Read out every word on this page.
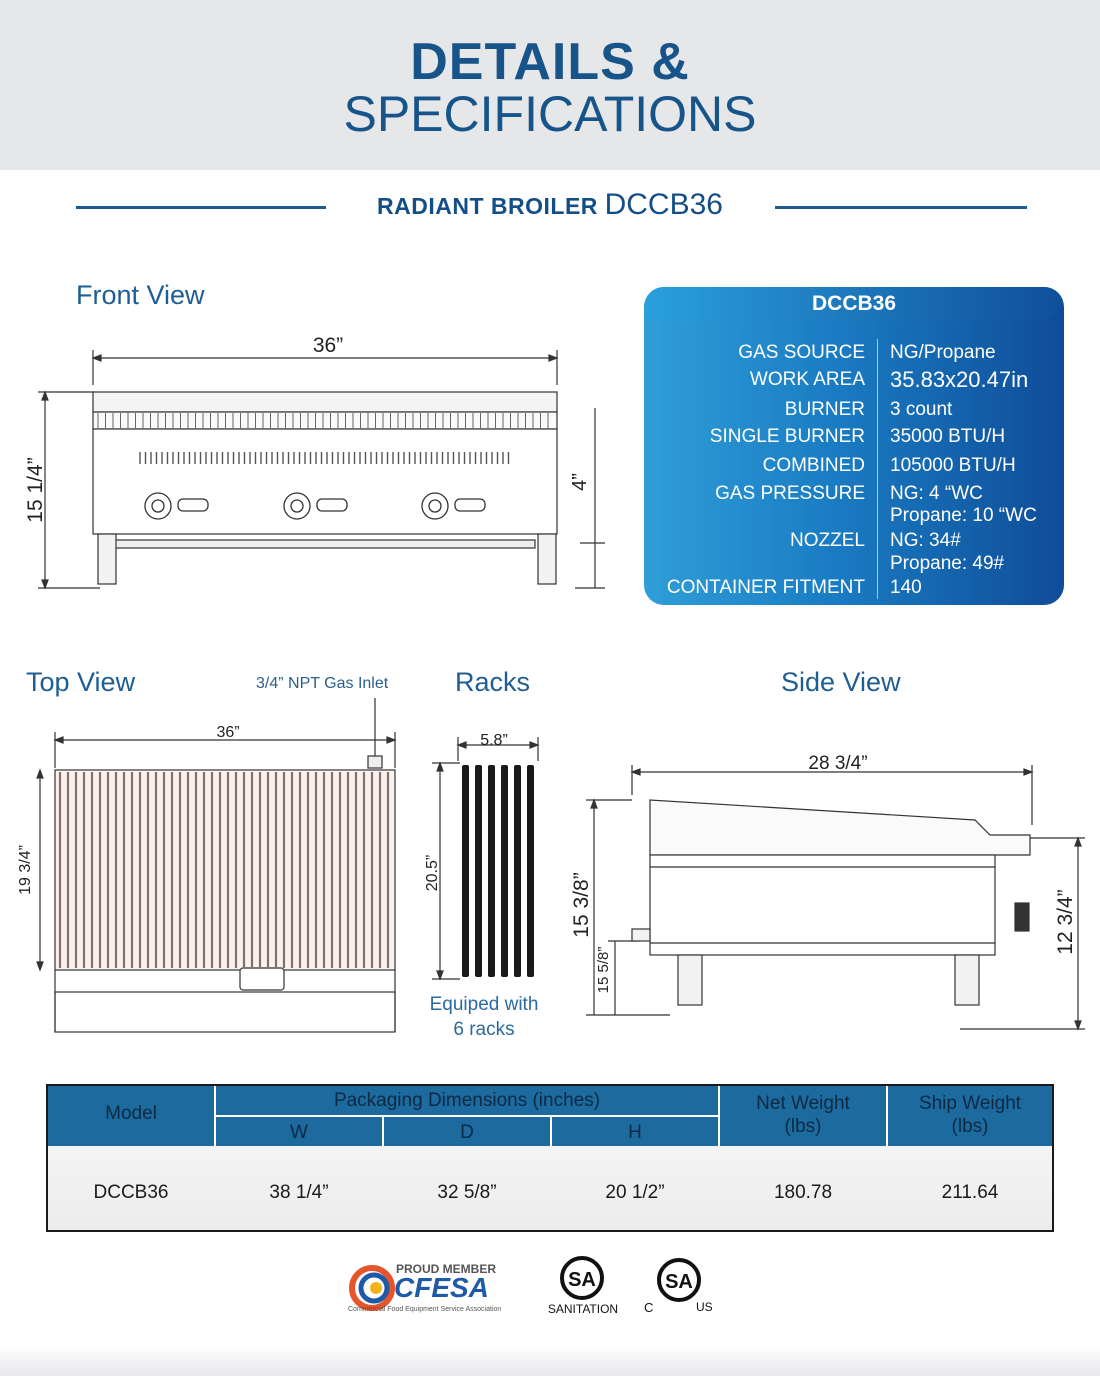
DETAILS &
SPECIFICATIONS
RADIANT BROILER DCCB36
Front View
Top View	Racks	Side View
3/4” NPT Gas Inlet
36”
15 1/4”	4”
DCCB36
GAS SOURCE NG/Propane
WORK AREA 35.83x20.47in
BURNER 3 count
SINGLE BURNER 35000 BTU/H
COMBINED 105000 BTU/H
GAS PRESSURE NG: 4 “WC
Propane: 10 “WC
NOZZEL NG: 34#
Propane: 49#
CONTAINER FITMENT 140
36”
19 3/4”
5.8”
20.5”
Equiped with
6 racks
28 3/4”
15 3/8”
15 5/8”
12 3/4”
Model
Packaging Dimensions (inches)
W	D	H
Net Weight
(lbs)
Ship Weight
(lbs)
DCCB36	38 1/4”	32 5/8”	20 1/2”	180.78	211.64
PROUD MEMBER
CFESA
Commercial Food Equipment Service Association
SA
SANITATION
SA
C	US
